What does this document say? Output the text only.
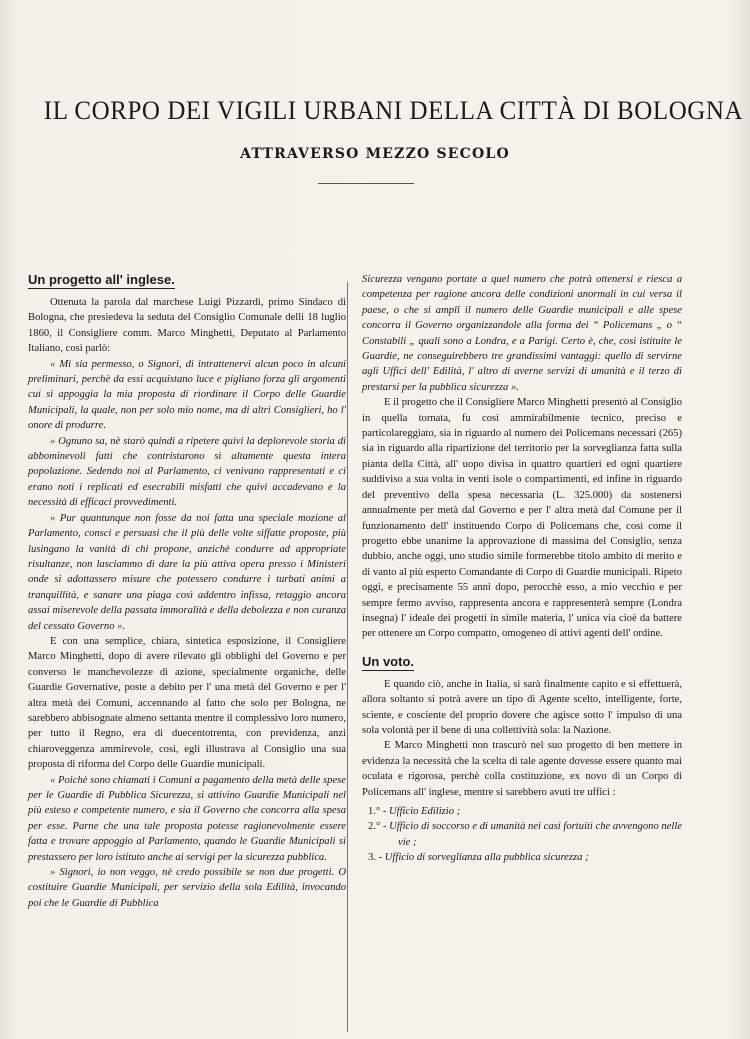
IL CORPO DEI VIGILI URBANI DELLA CITTÀ DI BOLOGNA
ATTRAVERSO MEZZO SECOLO
Un progetto all' inglese.

Ottenuta la parola dal marchese Luigi Pizzardi, primo Sindaco di Bologna, che presiedeva la seduta del Consiglio Comunale delli 18 luglio 1860, il Consigliere comm. Marco Minghetti, Deputato al Parlamento Italiano, così parlò:

« Mi sia permesso, o Signori, di intrattenervi alcun poco in alcuni preliminari, perchè da essi acquistano luce e pigliano forza gli argomenti cui si appoggia la mia proposta di riordinare il Corpo delle Guardie Municipali, la quale, non per solo mio nome, ma di altri Consiglieri, ho l' onore di produrre.

» Ognuno sa, nè starò quindi a ripetere quivi la deplorevole storia di abbominevoli fatti che contristarono sì altamente questa intera popolazione. Sedendo noi al Parlamento, ci venivano rappresentati e ci erano noti i replicati ed esecrabili misfatti che quivi accadevano e la necessità di efficaci provvedimenti.

» Pur quantunque non fosse da noi fatta una speciale mozione al Parlamento, consci e persuasi che il più delle volte siffatte proposte, più lusingano la vanità di chi propone, anzichè condurre ad appropriate risultanze, non lasciammo di dare la più attiva opera presso i Ministeri onde si adottassero misure che potessero condurre i turbati animi a tranquillità, e sanare una piaga così addentro infissa, retaggio ancora assai miserevole della passata immoralità e della debolezza e non curanza del cessato Governo ».

E con una semplice, chiara, sintetica esposizione, il Consigliere Marco Minghetti, dopo di avere rilevato gli obblighi del Governo e per converso le manchevolezze di azione, specialmente organiche, delle Guardie Governative, poste a debito per l' una metà del Governo e per l' altra metà dei Comuni, accennando al fatto che solo per Bologna, ne sarebbero abbisognate almeno settanta mentre il complessivo loro numero, per tutto il Regno, era di duecentotrenta, con previdenza, anzi chiaroveggenza ammirevole, così, egli illustrava al Consiglio una sua proposta di riforma del Corpo delle Guardie municipali.

« Poichè sono chiamati i Comuni a pagamento della metà delle spese per le Guardie di Pubblica Sicurezza, si attivino Guardie Municipali nel più esteso e competente numero, e sia il Governo che concorra alla spesa per esse. Parne che una tale proposta potesse ragionevolmente essere fatta e trovare appoggio al Parlamento, quando le Guardie Municipali si prestassero per loro istituto anche ai servigi per la sicurezza pubblica.

» Signori, io non veggo, nè credo possibile se non due progetti. O costituire Guardie Municipali, per servizio della sola Edilità, invocando poi che le Guardie di Pubblica

Sicurezza vengano portate a quel numero che potrà ottenersi e riesca a competenza per ragione ancora delle condizioni anormali in cui versa il paese, o che si amplî il numero delle Guardie municipali e alle spese concorra il Governo organizzandole alla forma dei “ Policemans „ o “ Constabili „ quali sono a Londra, e a Parigi. Certo è, che, così istituite le Guardie, ne conseguirebbero tre grandissimi vantaggi: quello di servirne agli Uffici dell' Edilità, l' altro di averne servizi di umanità e il terzo di prestarsi per la pubblica sicurezza ».

E il progetto che il Consigliere Marco Minghetti presentò al Consiglio in quella tornata, fu così ammirabilmente tecnico, preciso e particolareggiato, sia in riguardo al numero dei Policemans necessari (265) sia in riguardo alla ripartizione del territorio per la sorveglianza fatta sulla pianta della Città, all' uopo divisa in quattro quartieri ed ogni quartiere suddiviso a sua volta in venti isole o compartimenti, ed infine in riguardo del preventivo della spesa necessaria (L. 325.000) da sostenersi annualmente per metà dal Governo e per l' altra metà dal Comune per il funzionamento dell' instituendo Corpo di Policemans che, così come il progetto ebbe unanime la approvazione di massima del Consiglio, senza dubbio, anche oggi, uno studio simile formerebbe titolo ambito di merito e di vanto al più esperto Comandante di Corpo di Guardie municipali. Ripeto oggi, e precisamente 55 anni dopo, perocchè esso, a mio vecchio e per sempre fermo avviso, rappresenta ancora e rappresenterà sempre (Londra insegna) l' ideale dei progetti in simile materia, l' unica via cioè da battere per ottenere un Corpo compatto, omogeneo di attivi agenti dell' ordine.

Un voto.

E quando ciò, anche in Italia, si sarà finalmente capito e si effettuerà, allora soltanto si potrà avere un tipo di Agente scelto, intelligente, forte, sciente, e cosciente del proprio dovere che agisce sotto l' impulso di una sola volontà per il bene di una collettività sola: la Nazione.

E Marco Minghetti non trascurò nel suo progetto di ben mettere in evidenza la necessità che la scelta di tale agente dovesse essere quanto mai oculata e rigorosa, perchè colla costituzione, ex novo di un Corpo di Policemans all' inglese, mentre si sarebbero avuti tre uffici :

1.° - Ufficio Edilizio ;
2.° - Ufficio di soccorso e di umanità nei casi fortuiti che avvengono nelle vie ;
3. - Ufficio di sorveglianza alla pubblica sicurezza ;
